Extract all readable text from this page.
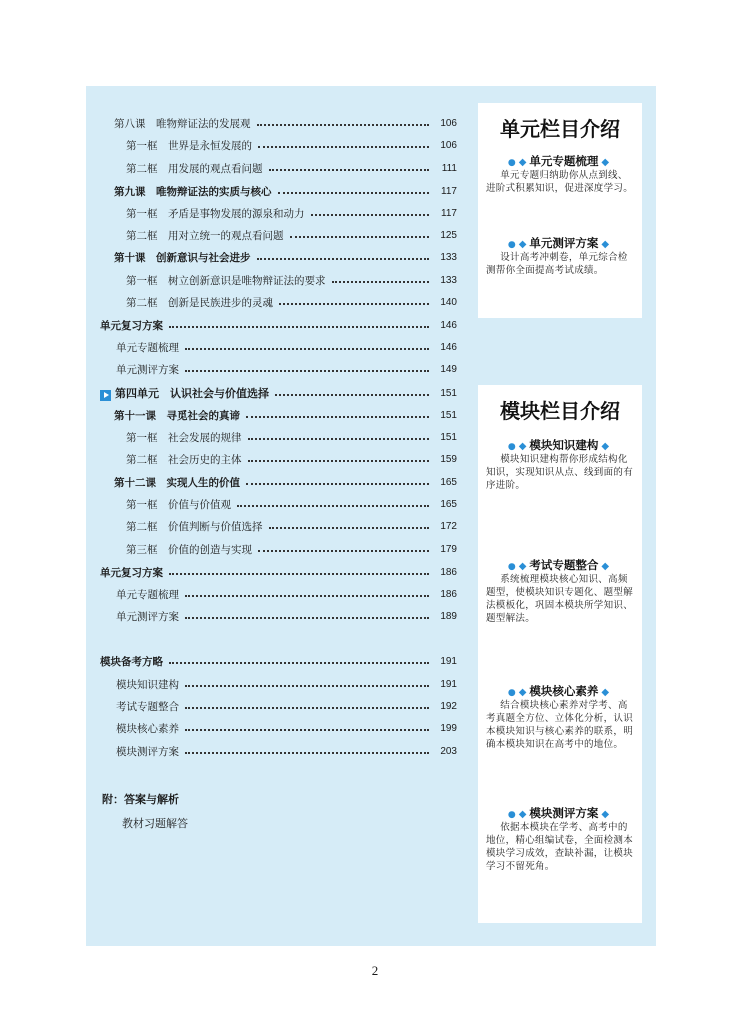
第八课　唯物辩证法的发展观	106
第一框　世界是永恒发展的	106
第二框　用发展的观点看问题	111
第九课　唯物辩证法的实质与核心	117
第一框　矛盾是事物发展的源泉和动力	117
第二框　用对立统一的观点看问题	125
第十课　创新意识与社会进步	133
第一框　树立创新意识是唯物辩证法的要求	133
第二框　创新是民族进步的灵魂	140
单元复习方案	146
单元专题梳理	146
单元测评方案	149
第四单元　认识社会与价值选择	151
第十一课　寻觅社会的真谛	151
第一框　社会发展的规律	151
第二框　社会历史的主体	159
第十二课　实现人生的价值	165
第一框　价值与价值观	165
第二框　价值判断与价值选择	172
第三框　价值的创造与实现	179
单元复习方案	186
单元专题梳理	186
单元测评方案	189
模块备考方略	191
模块知识建构	191
考试专题整合	192
模块核心素养	199
模块测评方案	203
附：答案与解析
教材习题解答
单元栏目介绍
● ◆ 单元专题梳理 ◆
单元专题归纳助你从点到线、进阶式积累知识，促进深度学习。
● ◆ 单元测评方案 ◆
设计高考冲刺卷，单元综合检测帮你全面提高考试成绩。
模块栏目介绍
● ◆ 模块知识建构 ◆
模块知识建构帮你形成结构化知识，实现知识从点、线到面的有序进阶。
● ◆ 考试专题整合 ◆
系统梳理模块核心知识、高频题型，使模块知识专题化、题型解法模板化，巩固本模块所学知识、题型解法。
● ◆ 模块核心素养 ◆
结合模块核心素养对学考、高考真题全方位、立体化分析，认识本模块知识与核心素养的联系，明确本模块知识在高考中的地位。
● ◆ 模块测评方案 ◆
依据本模块在学考、高考中的地位，精心组编试卷，全面检测本模块学习成效，查缺补漏，让模块学习不留死角。
2
